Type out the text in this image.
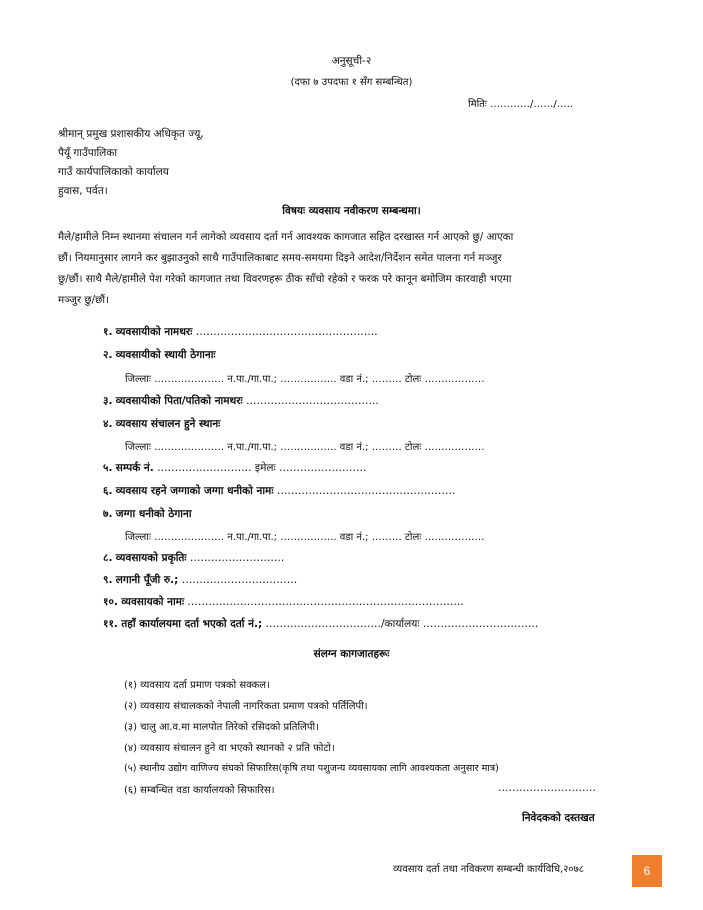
अनुसूची-२
(दफा ७ उपदफा १ सँग सम्बन्धित)
मितिः …………/……/…..
श्रीमान् प्रमुख प्रशासकीय अधिकृत ज्यू,
पैयूँ गाउँपालिका
गाउँ कार्यपालिकाको कार्यालय
हुवास, पर्वत।
विषयः व्यवसाय नवीकरण सम्बन्धमा।
मैले/हामीले निम्न स्थानमा संचालन गर्न लागेको व्यवसाय दर्ता गर्न आवश्यक कागजात सहित दरखास्त गर्न आएको छु/ आएका
छौं। नियमानुसार लागने कर बुझाउनुको साथै गाउँपालिकाबाट समय-समयमा दिइने आदेश/निर्देशन समेत पालना गर्न मञ्जुर
छु/छौं। साथै मैले/हामीले पेश गरेको कागजात तथा विवरणहरू ठीक साँचो रहेको र फरक परे कानून बमोजिम कारवाही भएमा
मञ्जुर छु/छौं।
१. व्यवसायीको नामथरः …………………………………………….
२. व्यवसायीको स्थायी ठेगानाः
जिल्लाः ………………… न.पा./गा.पा.; …………….. वडा नं.; ……… टोलः ………………
३. व्यवसायीको पिता/पतिको नामथरः ………………………………..
४. व्यवसाय संचालन हुने स्थानः
जिल्लाः ………………… न.पा./गा.पा.; …………….. वडा नं.; ……… टोलः ………………
५. सम्पर्क नं. ……………………… इमेलः …………………….
६. व्यवसाय रहने जग्गाको जग्गा धनीको नामः ……………………………………………
७. जग्गा धनीको ठेगाना
जिल्लाः ………………… न.पा./गा.पा.; …………….. वडा नं.; ……… टोलः ………………
८. व्यवसायको प्रकृतिः ………………………
९. लगानी पूँजी रु.; ……………………………
१०. व्यवसायको नामः …………………………………………………………………….
११. तहाँ कार्यालयमा दर्ता भएको दर्ता नं.; ……………………………/कार्यालयः ……………………………
संलग्न कागजातहरूः
(१) व्यवसाय दर्ता प्रमाण पत्रको सक्कल।
(२) व्यवसाय संचालकको नेपाली नागरिकता प्रमाण पत्रको पर्तिलिपी।
(३) चालु आ.व.मा मालपोत तिरेको रसिदको प्रतिलिपी।
(४) व्यवसाय संचालन हुने वा भएको स्थानको २ प्रति फोटो।
(५) स्थानीय उद्योग वाणिज्य संघको सिफारिस(कृषि तथा पशुजन्य व्यवसायका लागि आवश्यकता अनुसार मात्र)
(६) सम्बन्धित वडा कार्यालयको सिफारिस।	……………………….
निवेदकको दस्तखत
व्यवसाय दर्ता तथा नविकरण सम्बन्धी कार्यविधि,२०७८	6
